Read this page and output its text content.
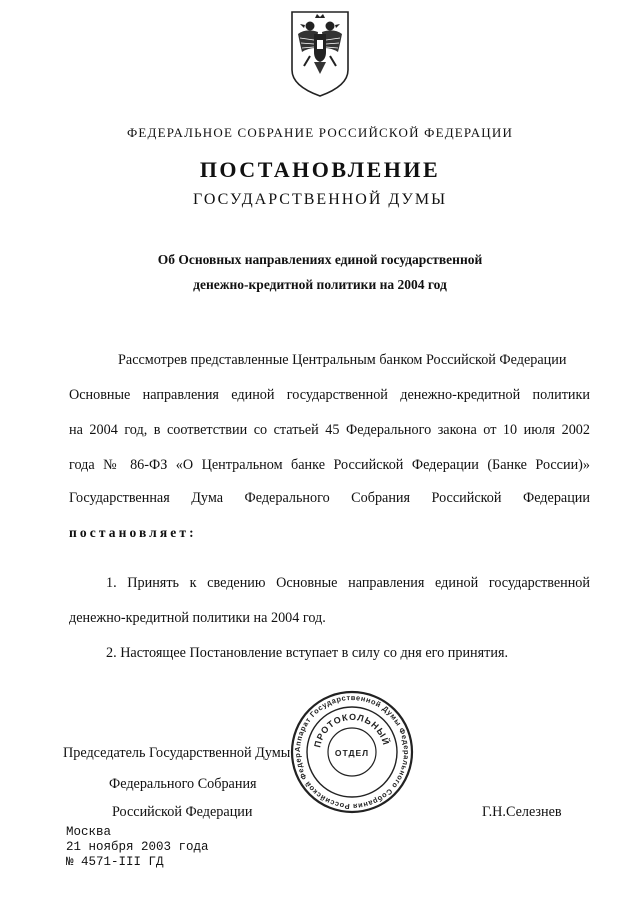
ФЕДЕРАЛЬНОЕ СОБРАНИЕ РОССИЙСКОЙ ФЕДЕРАЦИИ
ПОСТАНОВЛЕНИЕ
ГОСУДАРСТВЕННОЙ ДУМЫ
Об Основных направлениях единой государственной
денежно-кредитной политики на 2004 год
Рассмотрев представленные Центральным банком Российской Федерации
Основные направления единой государственной денежно-кредитной политики
на 2004 год, в соответствии со статьей 45 Федерального закона от 10 июля 2002
года № 86-ФЗ «О Центральном банке Российской Федерации (Банке России)»
Государственная Дума Федерального Собрания Российской Федерации
постановляет:
1. Принять к сведению Основные направления единой государственной
денежно-кредитной политики на 2004 год.
2. Настоящее Постановление вступает в силу со дня его принятия.
Аппарат Государственной Думы Федерального Собрания Российской Федер
ПРОТОКОЛЬНЫЙ
ОТДЕЛ
Председатель Государственной Думы
Федерального Собрания
Российской Федерации	Г.Н.Селезнев
Москва
21 ноября 2003 года
№ 4571-III ГД
